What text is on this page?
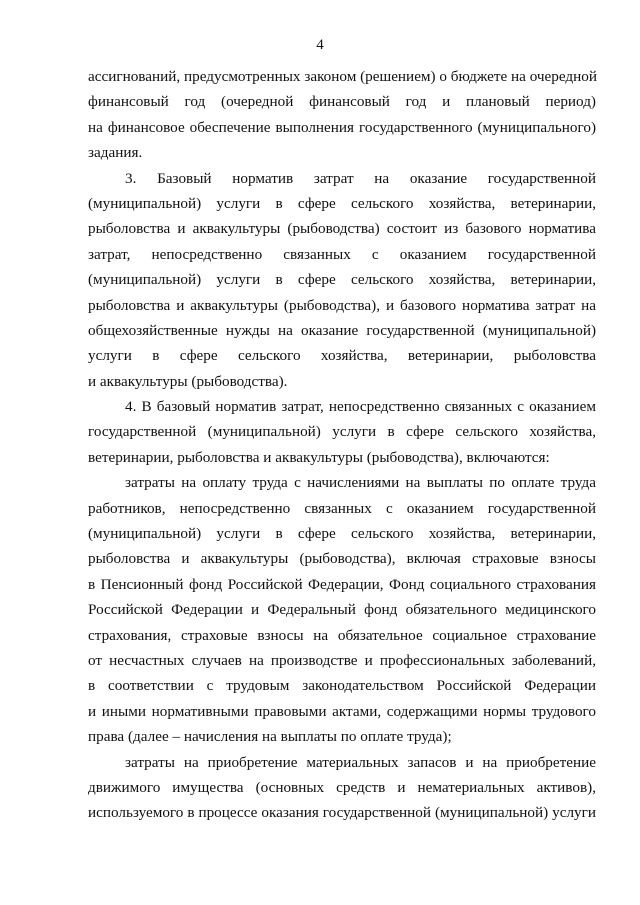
4
ассигнований, предусмотренных законом (решением) о бюджете на очередной
финансовый год (очередной финансовый год и плановый период)
на финансовое обеспечение выполнения государственного (муниципального)
задания.
3. Базовый норматив затрат на оказание государственной
(муниципальной) услуги в сфере сельского хозяйства, ветеринарии,
рыболовства и аквакультуры (рыбоводства) состоит из базового норматива
затрат, непосредственно связанных с оказанием государственной
(муниципальной) услуги в сфере сельского хозяйства, ветеринарии,
рыболовства и аквакультуры (рыбоводства), и базового норматива затрат на
общехозяйственные нужды на оказание государственной (муниципальной)
услуги в сфере сельского хозяйства, ветеринарии, рыболовства
и аквакультуры (рыбоводства).
4. В базовый норматив затрат, непосредственно связанных с оказанием
государственной (муниципальной) услуги в сфере сельского хозяйства,
ветеринарии, рыболовства и аквакультуры (рыбоводства), включаются:
затраты на оплату труда с начислениями на выплаты по оплате труда
работников, непосредственно связанных с оказанием государственной
(муниципальной) услуги в сфере сельского хозяйства, ветеринарии,
рыболовства и аквакультуры (рыбоводства), включая страховые взносы
в Пенсионный фонд Российской Федерации, Фонд социального страхования
Российской Федерации и Федеральный фонд обязательного медицинского
страхования, страховые взносы на обязательное социальное страхование
от несчастных случаев на производстве и профессиональных заболеваний,
в соответствии с трудовым законодательством Российской Федерации
и иными нормативными правовыми актами, содержащими нормы трудового
права (далее – начисления на выплаты по оплате труда);
затраты на приобретение материальных запасов и на приобретение
движимого имущества (основных средств и нематериальных активов),
используемого в процессе оказания государственной (муниципальной) услуги
